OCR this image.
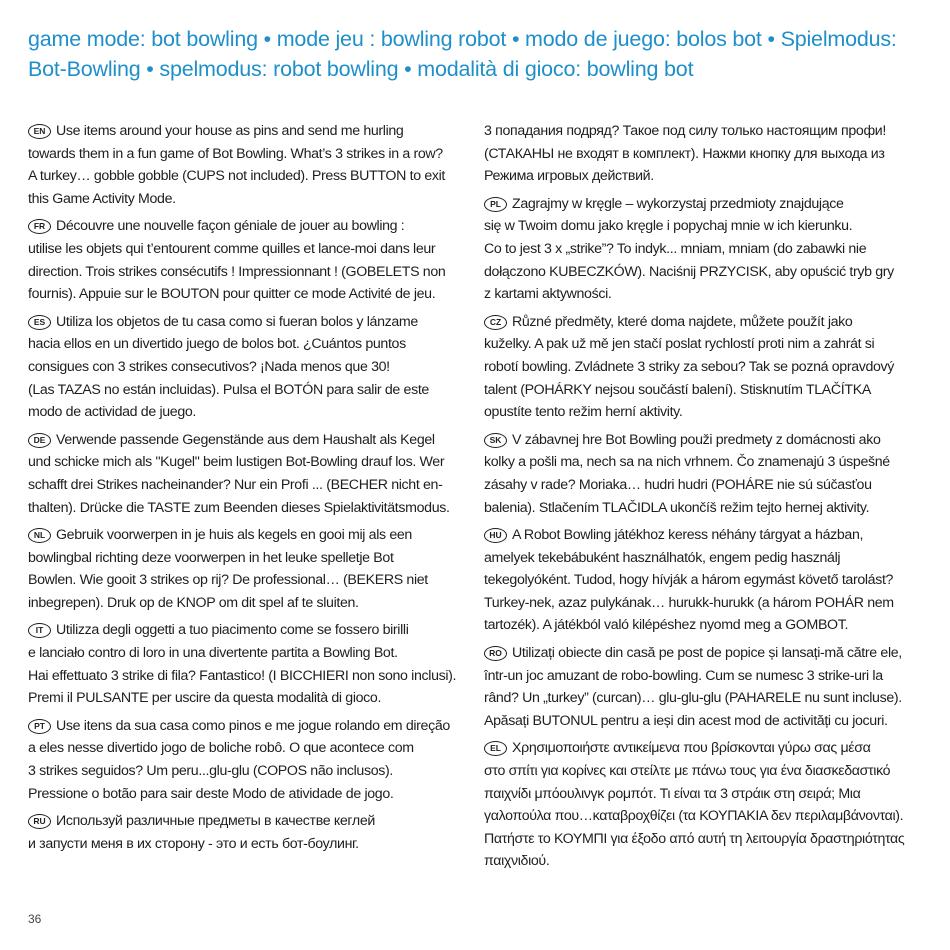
game mode: bot bowling • mode jeu : bowling robot • modo de juego: bolos bot • Spielmodus: Bot-Bowling • spelmodus: robot bowling • modalità di gioco: bowling bot

EN Use items around your house as pins and send me hurling
towards them in a fun game of Bot Bowling. What’s 3 strikes in a row?
A turkey… gobble gobble (CUPS not included). Press BUTTON to exit
this Game Activity Mode.

FR Découvre une nouvelle façon géniale de jouer au bowling :
utilise les objets qui t’entourent comme quilles et lance-moi dans leur
direction. Trois strikes consécutifs ! Impressionnant ! (GOBELETS non
fournis). Appuie sur le BOUTON pour quitter ce mode Activité de jeu.

ES Utiliza los objetos de tu casa como si fueran bolos y lánzame
hacia ellos en un divertido juego de bolos bot. ¿Cuántos puntos
consigues con 3 strikes consecutivos? ¡Nada menos que 30!
(Las TAZAS no están incluidas). Pulsa el BOTÓN para salir de este
modo de actividad de juego.

DE Verwende passende Gegenstände aus dem Haushalt als Kegel
und schicke mich als "Kugel" beim lustigen Bot-Bowling drauf los. Wer
schafft drei Strikes nacheinander? Nur ein Profi ... (BECHER nicht en-
thalten). Drücke die TASTE zum Beenden dieses Spielaktivitätsmodus.

NL Gebruik voorwerpen in je huis als kegels en gooi mij als een
bowlingbal richting deze voorwerpen in het leuke spelletje Bot
Bowlen. Wie gooit 3 strikes op rij? De professional… (BEKERS niet
inbegrepen). Druk op de KNOP om dit spel af te sluiten.

IT Utilizza degli oggetti a tuo piacimento come se fossero birilli
e lanciało contro di loro in una divertente partita a Bowling Bot.
Hai effettuato 3 strike di fila? Fantastico! (I BICCHIERI non sono inclusi).
Premi il PULSANTE per uscire da questa modalità di gioco.

PT Use itens da sua casa como pinos e me jogue rolando em direção
a eles nesse divertido jogo de boliche robô. O que acontece com
3 strikes seguidos? Um peru...glu-glu (COPOS não inclusos).
Pressione o botão para sair deste Modo de atividade de jogo.

RU Используй различные предметы в качестве кеглей
и запусти меня в их сторону - это и есть бот-боулинг.

3 попадания подряд? Такое под силу только настоящим профи!
(СТАКАНЫ не входят в комплект). Нажми кнопку для выхода из
Режима игровых действий.

PL Zagrajmy w kręgle – wykorzystaj przedmioty znajdujące
się w Twoim domu jako kręgle i popychaj mnie w ich kierunku.
Co to jest 3 x „strike”? To indyk... mniam, mniam (do zabawki nie
dołączono KUBECZKÓW). Naciśnij PRZYCISK, aby opuścić tryb gry
z kartami aktywności.

CZ Různé předměty, které doma najdete, můžete použít jako
kuželky. A pak už mě jen stačí poslat rychlostí proti nim a zahrát si
robotí bowling. Zvládnete 3 striky za sebou? Tak se pozná opravdový
talent (POHÁRKY nejsou součástí balení). Stisknutím TLAČÍTKA
opustíte tento režim herní aktivity.

SK V zábavnej hre Bot Bowling použi predmety z domácnosti ako
kolky a pošli ma, nech sa na nich vrhnem. Čo znamenajú 3 úspešné
zásahy v rade? Moriaka… hudri hudri (POHÁRE nie sú súčasťou
balenia). Stlačením TLAČIDLA ukončíš režim tejto hernej aktivity.

HU A Robot Bowling játékhoz keress néhány tárgyat a házban,
amelyek tekebábuként használhatók, engem pedig használj
tekegolyóként. Tudod, hogy hívják a három egymást követő tarolást?
Turkey-nek, azaz pulykának… hurukk-hurukk (a három POHÁR nem
tartozék). A játékból való kilépéshez nyomd meg a GOMBOT.

RO Utilizați obiecte din casă pe post de popice și lansați-mă către ele,
într-un joc amuzant de robo-bowling. Cum se numesc 3 strike-uri la
rând? Un „turkey” (curcan)… glu-glu-glu (PAHARELE nu sunt incluse).
Apăsați BUTONUL pentru a ieși din acest mod de activități cu jocuri.

EL Χρησιμοποιήστε αντικείμενα που βρίσκονται γύρω σας μέσα
στο σπίτι για κορίνες και στείλτε με πάνω τους για ένα διασκεδαστικό
παιχνίδι μπόουλινγκ ρομπότ. Τι είναι τα 3 στράικ στη σειρά; Μια
γαλοπούλα που…καταβροχθίζει (τα ΚΟΥΠΑΚΙΑ δεν περιλαμβάνονται).
Πατήστε το ΚΟΥΜΠΙ για έξοδο από αυτή τη λειτουργία δραστηριότητας
παιχνιδιού.

36
